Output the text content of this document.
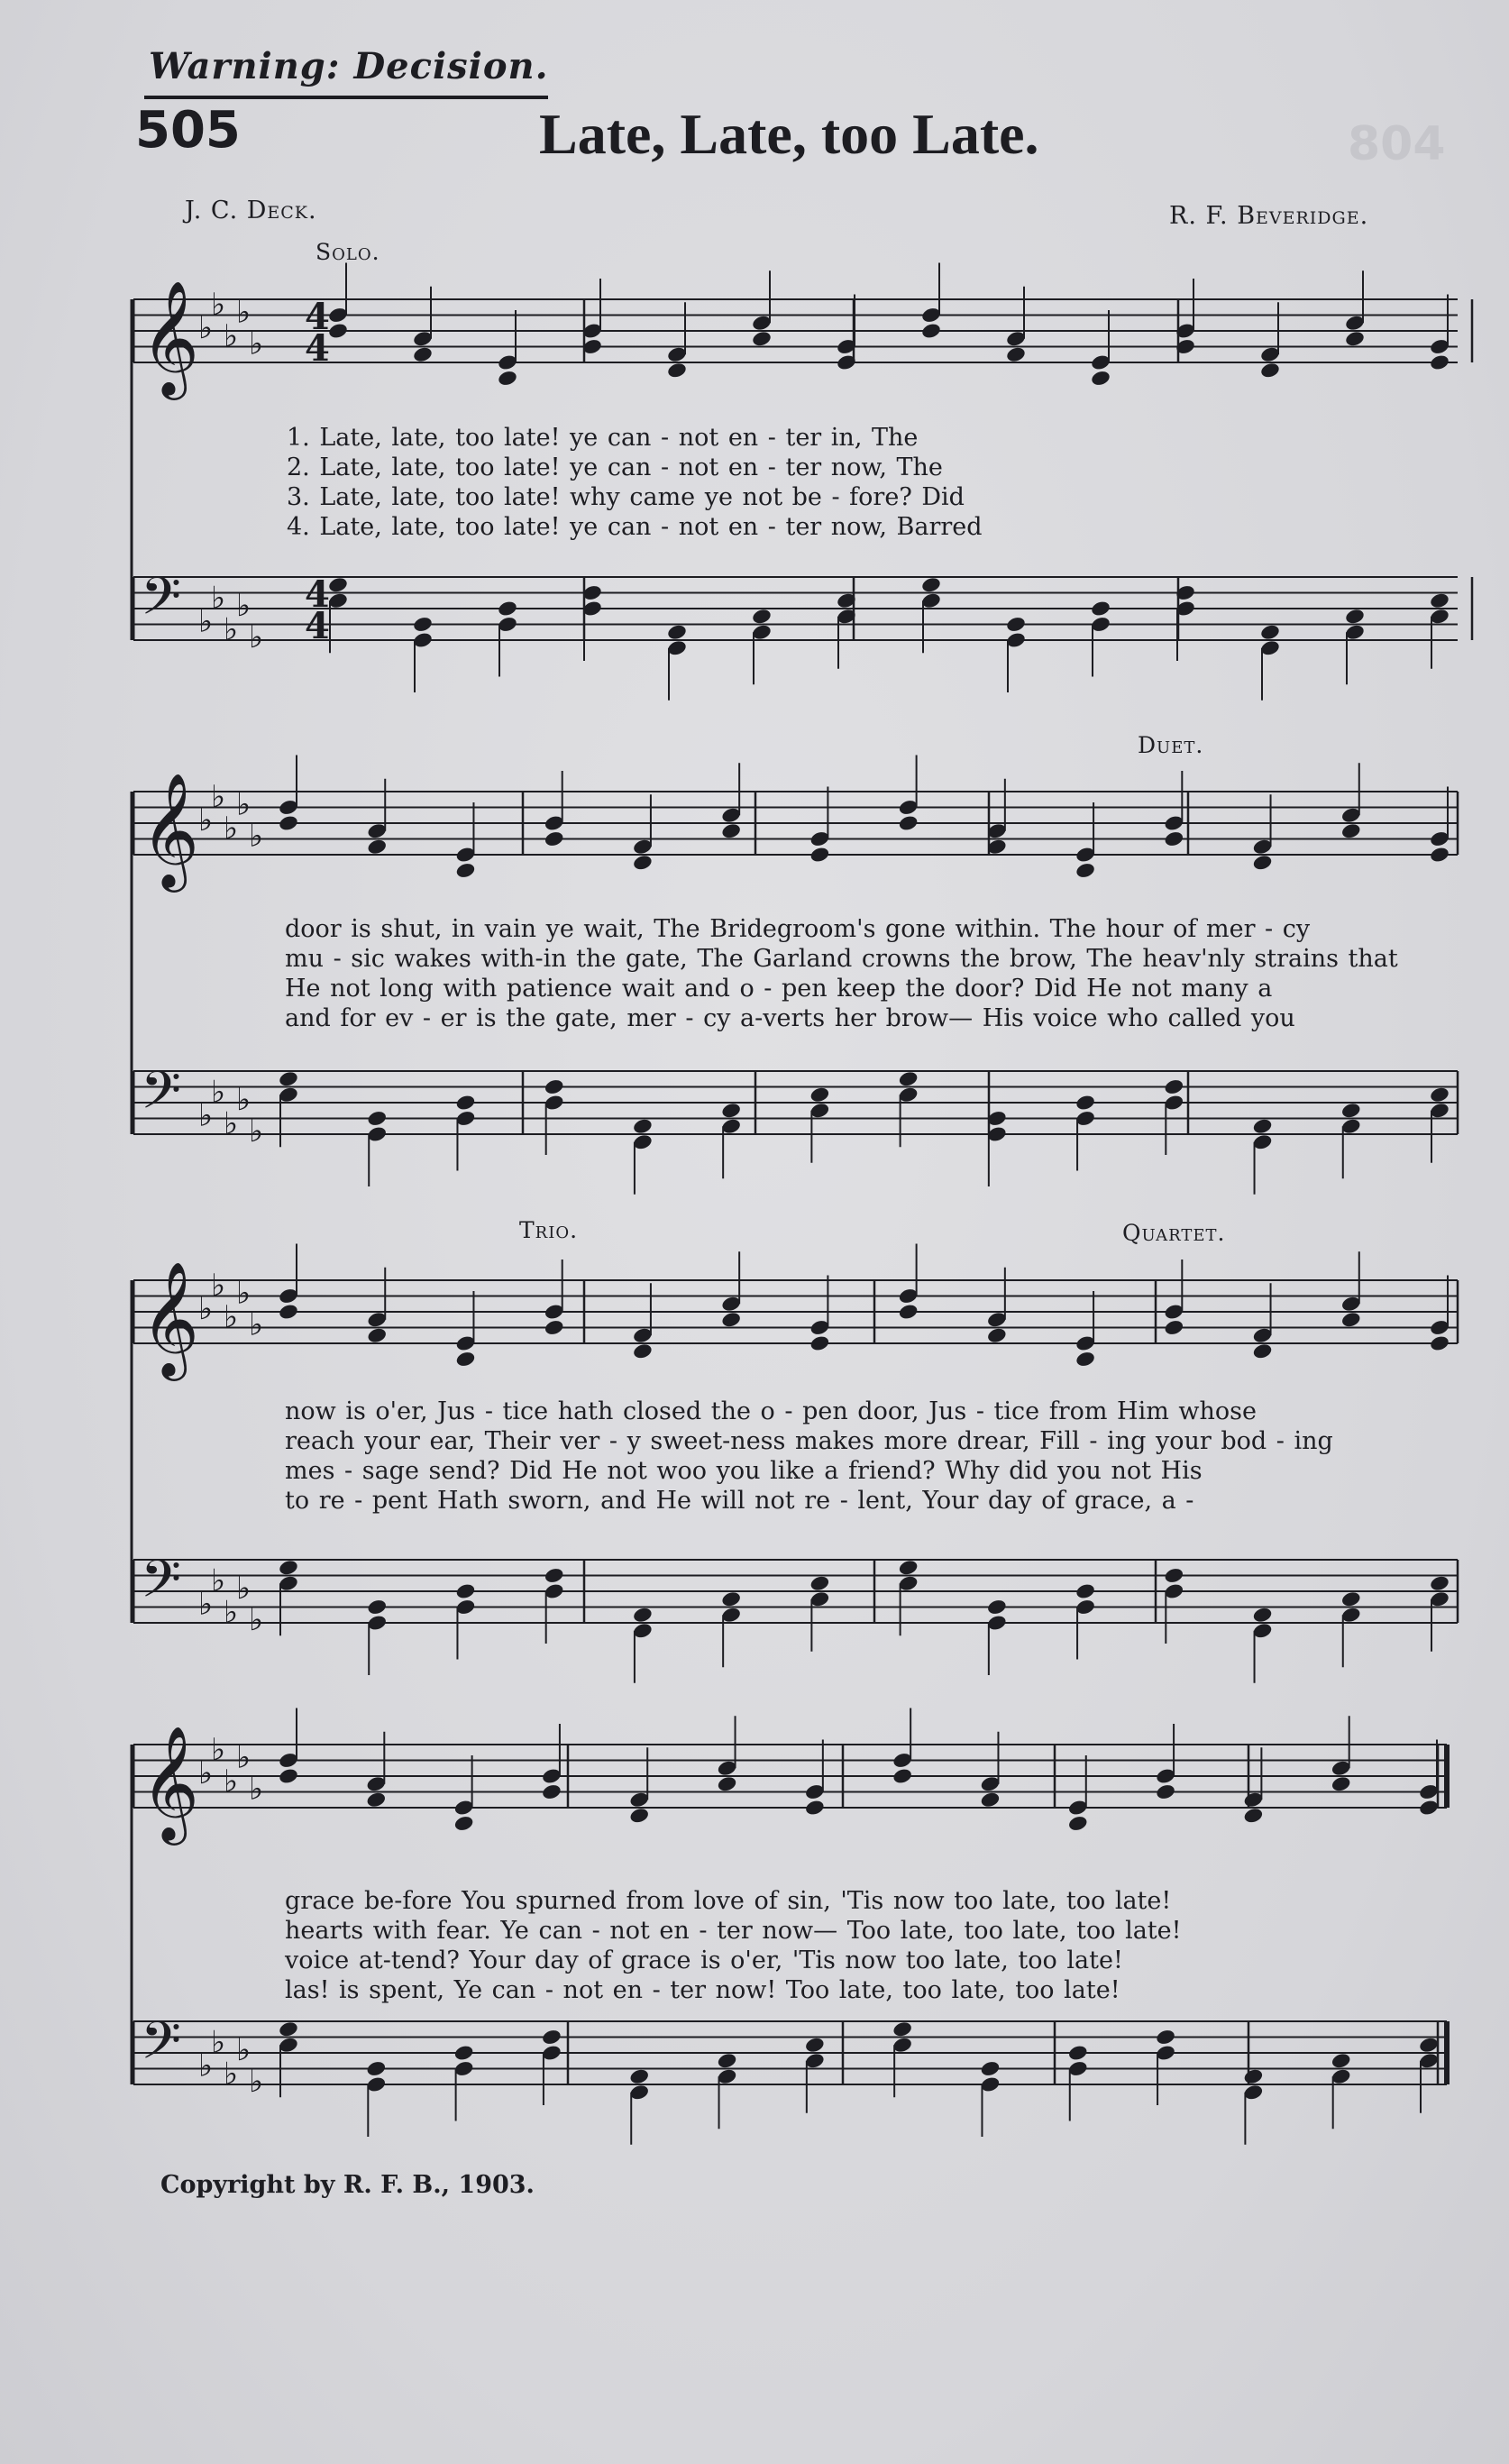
804
Warning: Decision.
505	Late, Late, too Late.
J. C. Deck.	R. F. Beveridge.
Solo.
Duet.
Trio.	Quartet.
1. Late, late, too late! ye can - not en - ter in, The
2. Late, late, too late! ye can - not en - ter now, The
3. Late, late, too late! why came ye not be - fore? Did
4. Late, late, too late! ye can - not en - ter now, Barred
door is shut, in vain ye wait, The Bridegroom's gone within. The hour of mer - cy
mu - sic wakes with-in the gate, The Garland crowns the brow, The heav'nly strains that
He not long with patience wait and o - pen keep the door? Did He not many a
and for ev - er is the gate, mer - cy a-verts her brow— His voice who called you
now is o'er, Jus - tice hath closed the o - pen door, Jus - tice from Him whose
reach your ear, Their ver - y sweet-ness makes more drear, Fill - ing your bod - ing
mes - sage send? Did He not woo you like a friend? Why did you not His
to re - pent Hath sworn, and He will not re - lent, Your day of grace, a -
grace be-fore You spurned from love of sin, 'Tis now too late, too late!
hearts with fear. Ye can - not en - ter now— Too late, too late, too late!
voice at-tend? Your day of grace is o'er, 'Tis now too late, too late!
las! is spent, Ye can - not en - ter now! Too late, too late, too late!
Copyright by R. F. B., 1903.
𝄞
♭
♭
♭
♭
♭
4
4
𝄢 ♭
♭
♭
♭
♭
4
4
𝄞
♭
♭
♭
♭
♭
𝄢 ♭
♭
♭
♭
♭
𝄞
♭
♭
♭
♭
♭
𝄢 ♭
♭
♭
♭
♭
𝄞
♭
♭
♭
♭
♭
𝄢 ♭
♭
♭
♭
♭
